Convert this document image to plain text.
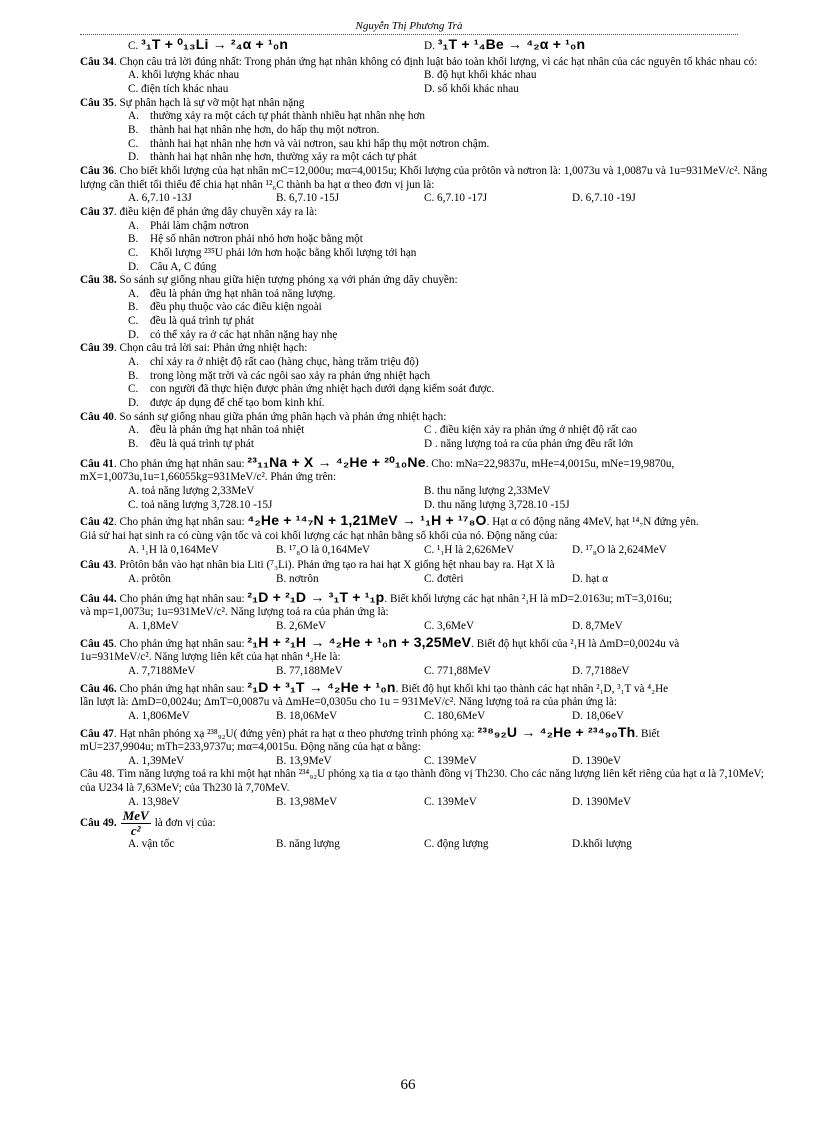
Nguyễn Thị Phương Trà
C. ³₁T + ⁰₁₃Li → ²₄α + ¹₀n	D. ³₁T + ¹₄Be → ⁴₂α + ¹₀n

Câu 34. Chọn câu trả lời đúng nhất: Trong phản ứng hạt nhân không có định luật bảo toàn khối lượng, vì các hạt nhân của các nguyên tố khác nhau có:

A. khối lượng khác nhau	B. độ hụt khối khác nhau
C. điện tích khác nhau	D. số khối khác nhau

Câu 35. Sự phân hạch là sự vỡ một hạt nhân nặng

A. thường xảy ra một cách tự phát thành nhiều hạt nhân nhẹ hơn
B.	thành hai hạt nhân nhẹ hơn, do hấp thụ một nơtron.
C.	thành hai hạt nhân nhẹ hơn và vài nơtron, sau khi hấp thụ một nơtron chậm.
D. thành hai hạt nhân nhẹ hơn, thường xảy ra một cách tự phát

Câu 36. Cho biết khối lượng của hạt nhân mC=12,000u; mα=4,0015u; Khối lượng của prôtôn và nơtron là: 1,0073u và 1,0087u và 1u=931MeV/c². Năng lượng cần thiết tối thiểu để chia hạt nhân ¹²₆C thành ba hạt α theo đơn vị jun là:

A. 6,7.10 -13J	B. 6,7.10 -15J	C. 6,7.10 -17J	D. 6,7.10 -19J

Câu 37. điều kiện để phản ứng dây chuyền xảy ra là:

A. Phải làm chậm nơtron
B.	Hệ số nhân nơtron phải nhỏ hơn hoặc bằng một
C.	Khối lượng ²³⁵U phải lớn hơn hoặc bằng khối lượng tới hạn
D. Câu A, C đúng

Câu 38. So sánh sự giống nhau giữa hiện tượng phóng xạ với phản ứng dây chuyền:

A. đều là phản ứng hạt nhân toả năng lượng.
B.	đều phụ thuộc vào các điều kiện ngoài
C.	đều là quá trình tự phát
D. có thể xảy ra ở các hạt nhân nặng hay nhẹ

Câu 39. Chọn câu trả lời sai: Phản ứng nhiệt hạch:

A. chỉ xảy ra ở nhiệt độ rất cao (hàng chục, hàng trăm triệu độ)
B.	trong lòng mặt trời và các ngôi sao xảy ra phản ứng nhiệt hạch
C.	con người đã thực hiện được phản ứng nhiệt hạch dưới dạng kiểm soát được.
D. được áp dụng để chế tạo bom kinh khí.

Câu 40. So sánh sự giống nhau giữa phản ứng phân hạch và phản ứng nhiệt hạch:

A. đều là phản ứng hạt nhân toả nhiệt	C . điều kiện xảy ra phản ứng ở nhiệt độ rất cao
B.	đều là quá trình tự phát	D . năng lượng toả ra của phản ứng đều rất lớn

Câu 41. Cho phản ứng hạt nhân sau: ²³₁₁Na + X → ⁴₂He + ²⁰₁₀Ne. Cho: mNa=22,9837u, mHe=4,0015u, mNe=19,9870u,

mX=1,0073u,1u=1,66055kg=931MeV/c². Phản ứng trên:

A. toả năng lượng 2,33MeV	B. thu năng lượng 2,33MeV
C. toả năng lượng 3,728.10 -15J	D. thu năng lượng 3,728.10 -15J

Câu 42. Cho phản ứng hạt nhân sau: ⁴₂He + ¹⁴₇N + 1,21MeV → ¹₁H + ¹⁷₈O. Hạt α có động năng 4MeV, hạt ¹⁴₇N đứng yên.

Giả sử hai hạt sinh ra có cùng vận tốc và coi khối lượng các hạt nhân bằng số khối của nó. Động năng của:

A. ¹₁H là 0,164MeV	B. ¹⁷₈O là 0,164MeV	C. ¹₁H là 2,626MeV	D. ¹⁷₈O là 2,624MeV

Câu 43. Prôtôn bắn vào hạt nhân bia Liti (⁷₃Li). Phản ứng tạo ra hai hạt X giống hệt nhau bay ra. Hạt X là

A. prôtôn	B. nơtrôn	C. đơtêri	D. hạt α

Câu 44. Cho phản ứng hạt nhân sau: ²₁D + ²₁D → ³₁T + ¹₁p. Biết khối lượng các hạt nhân ²₁H là mD=2.0163u; mT=3,016u;

và mp=1,0073u; 1u=931MeV/c². Năng lượng toả ra của phản ứng là:

A. 1,8MeV	B. 2,6MeV	C. 3,6MeV	D. 8,7MeV

Câu 45. Cho phản ứng hạt nhân sau: ²₁H + ²₁H → ⁴₂He + ¹₀n + 3,25MeV. Biết độ hụt khối của ²₁H là ΔmD=0,0024u và

1u=931MeV/c². Năng lượng liên kết của hạt nhân ⁴₂He là:

A. 7,7188MeV	B. 77,188MeV	C. 771,88MeV	D. 7,7188eV

Câu 46. Cho phản ứng hạt nhân sau: ²₁D + ³₁T → ⁴₂He + ¹₀n. Biết độ hụt khối khi tạo thành các hạt nhân ²₁D, ³₁T và ⁴₂He

lần lượt là: ΔmD=0,0024u; ΔmT=0,0087u và ΔmHe=0,0305u cho 1u = 931MeV/c². Năng lượng toả ra của phản ứng là:

A. 1,806MeV	B. 18,06MeV	C. 180,6MeV	D. 18,06eV

Câu 47. Hạt nhân phóng xạ ²³⁸₉₂U( đứng yên) phát ra hạt α theo phương trình phóng xạ: ²³⁸₉₂U → ⁴₂He + ²³⁴₉₀Th. Biết

mU=237,9904u; mTh=233,9737u; mα=4,0015u. Động năng của hạt α bằng:

A. 1,39MeV	B. 13,9MeV	C. 139MeV	D. 1390eV

Câu 48. Tìm năng lượng toả ra khi một hạt nhân ²³⁴₉₂U phóng xạ tia α tạo thành đồng vị Th230. Cho các năng lượng liên kết riêng của hạt α là 7,10MeV; của U234 là 7,63MeV; của Th230 là 7,70MeV.

A. 13,98eV	B. 13,98MeV	C. 139MeV	D. 1390MeV

Câu 49. MeV
c²
là đơn vị của:

A. vận tốc	B. năng lượng	C. động lượng	D.khối lượng
66
